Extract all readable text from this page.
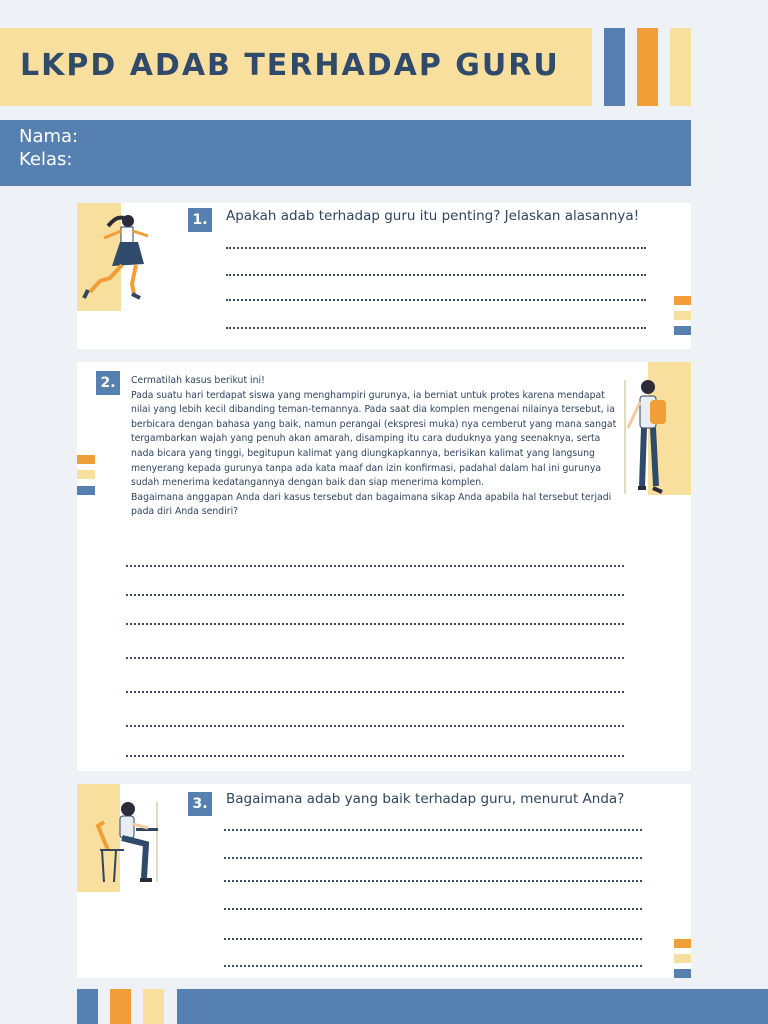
LKPD ADAB TERHADAP GURU
Nama:
Kelas:
1.	Apakah adab terhadap guru itu penting? Jelaskan alasannya!
2.	Cermatilah kasus berikut ini!

Pada suatu hari terdapat siswa yang menghampiri gurunya, ia berniat untuk protes karena mendapat nilai yang lebih kecil dibanding teman-temannya. Pada saat dia komplen mengenai nilainya tersebut, ia berbicara dengan bahasa yang baik, namun perangai (ekspresi muka) nya cemberut yang mana sangat tergambarkan wajah yang penuh akan amarah, disamping itu cara duduknya yang seenaknya, serta nada bicara yang tinggi, begitupun kalimat yang diungkapkannya, berisikan kalimat yang langsung menyerang kepada gurunya tanpa ada kata maaf dan izin konfirmasi, padahal dalam hal ini gurunya sudah menerima kedatangannya dengan baik dan siap menerima komplen.

Bagaimana anggapan Anda dari kasus tersebut dan bagaimana sikap Anda apabila hal tersebut terjadi pada diri Anda sendiri?

3.	Bagaimana adab yang baik terhadap guru, menurut Anda?
